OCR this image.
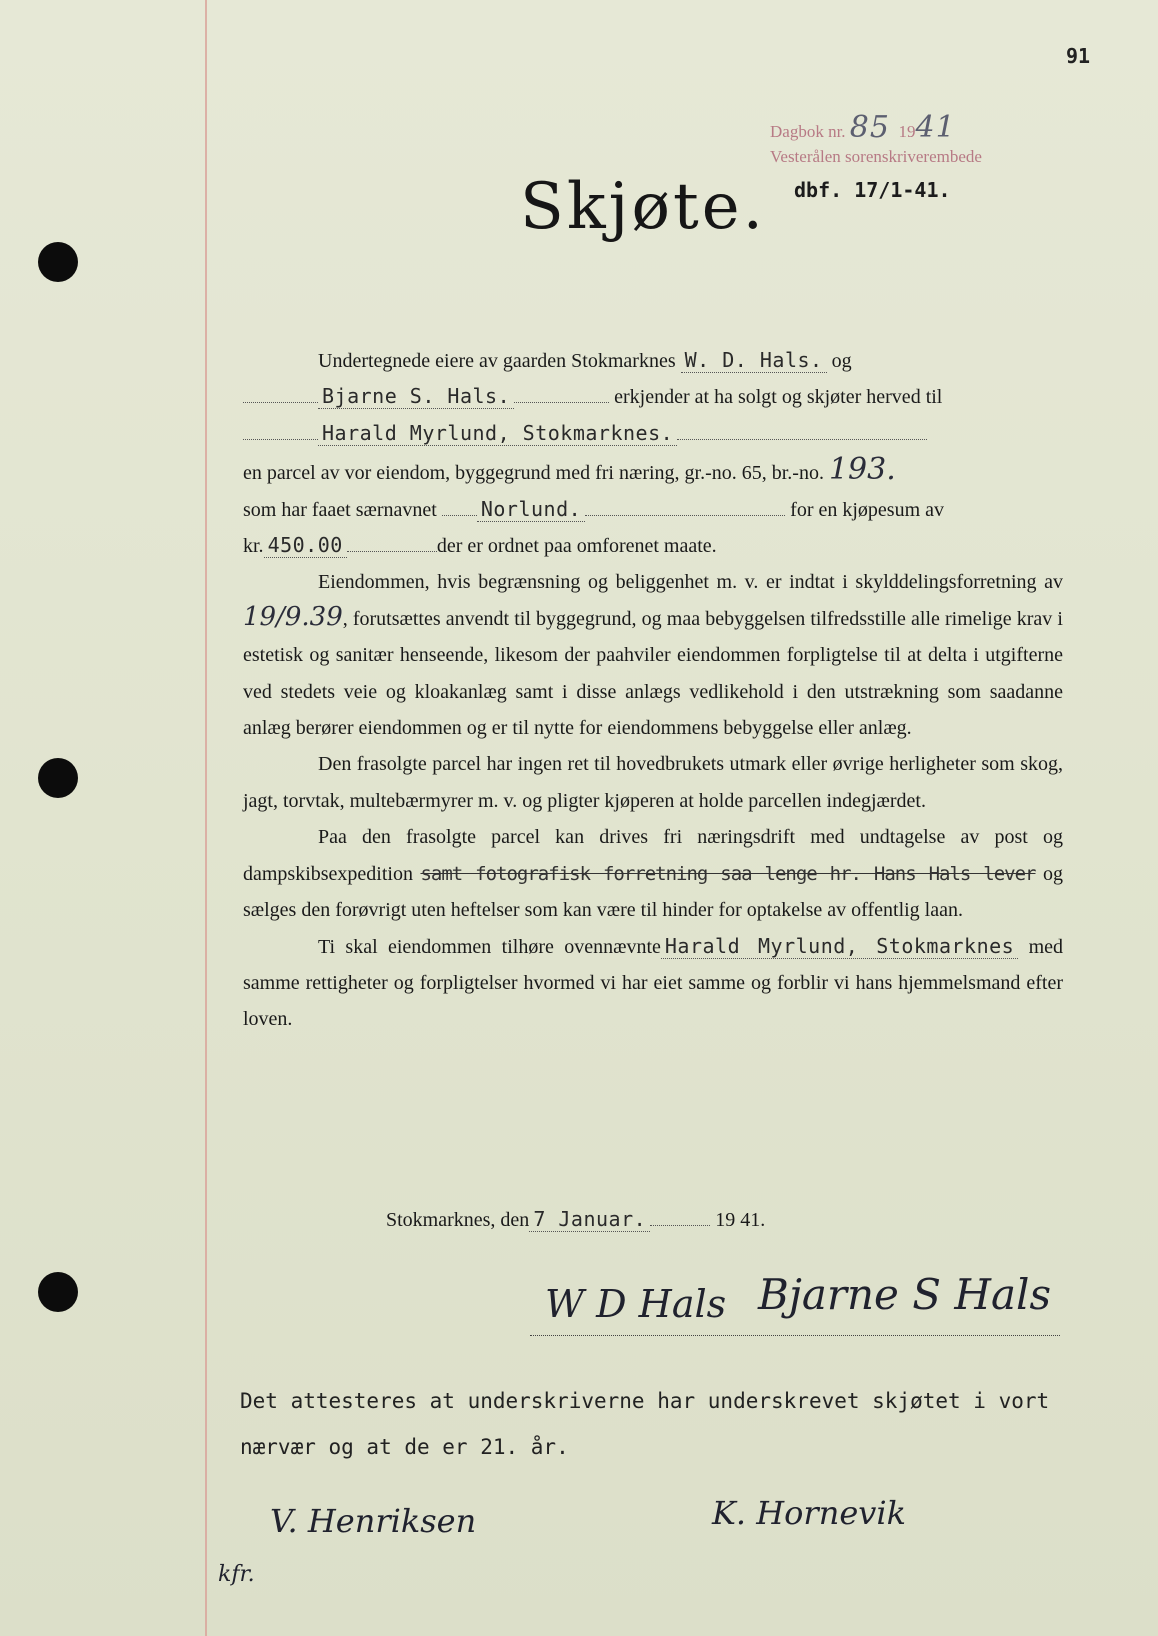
91
Dagbok nr. 85  1941
Vesterålen sorenskriverembede
Skjøte. dbf. 17/1-41.

Undertegnede eiere av gaarden Stokmarknes W. D. Hals. og
Bjarne S. Hals.	erkjender at ha solgt og skjøter herved til
Harald Myrlund, Stokmarknes.
en parcel av vor eiendom, byggegrund med fri næring, gr.-no. 65, br.-no. 193.
som har faaet særnavnet Norlund.	for en kjøpesum av
kr. 450.00	der er ordnet paa omforenet maate.

Eiendommen, hvis begrænsning og beliggenhet m. v. er indtat i skylddelingsforretning av 19/9.39, forutsættes anvendt til byggegrund, og maa bebyggelsen tilfredsstille alle rimelige krav i estetisk og sanitær henseende, likesom der paahviler eiendommen forpligtelse til at delta i utgifterne ved stedets veie og kloakanlæg samt i disse anlægs vedlikehold i den utstrækning som saadanne anlæg berører eiendommen og er til nytte for eiendommens bebyggelse eller anlæg.

Den frasolgte parcel har ingen ret til hovedbrukets utmark eller øvrige herligheter som skog, jagt, torvtak, multebærmyrer m. v. og pligter kjøperen at holde parcellen indegjærdet.

Paa den frasolgte parcel kan drives fri næringsdrift med undtagelse av post og dampskibsexpedition samt fotografisk forretning saa lenge hr. Hans Hals lever og sælges den forøvrigt uten heftelser som kan være til hinder for optakelse av offentlig laan.

Ti skal eiendommen tilhøre ovennævnte Harald Myrlund, Stokmarknes med samme rettigheter og forpligtelser hvormed vi har eiet samme og forblir vi hans hjemmelsmand efter loven.

Stokmarknes, den 7 Januar.	19 41.
W D Hals Bjarne S Hals
Det attesteres at underskriverne har underskrevet skjøtet i vort nærvær og at de er 21. år.
V. Henriksen	K. Hornevik
kfr.
